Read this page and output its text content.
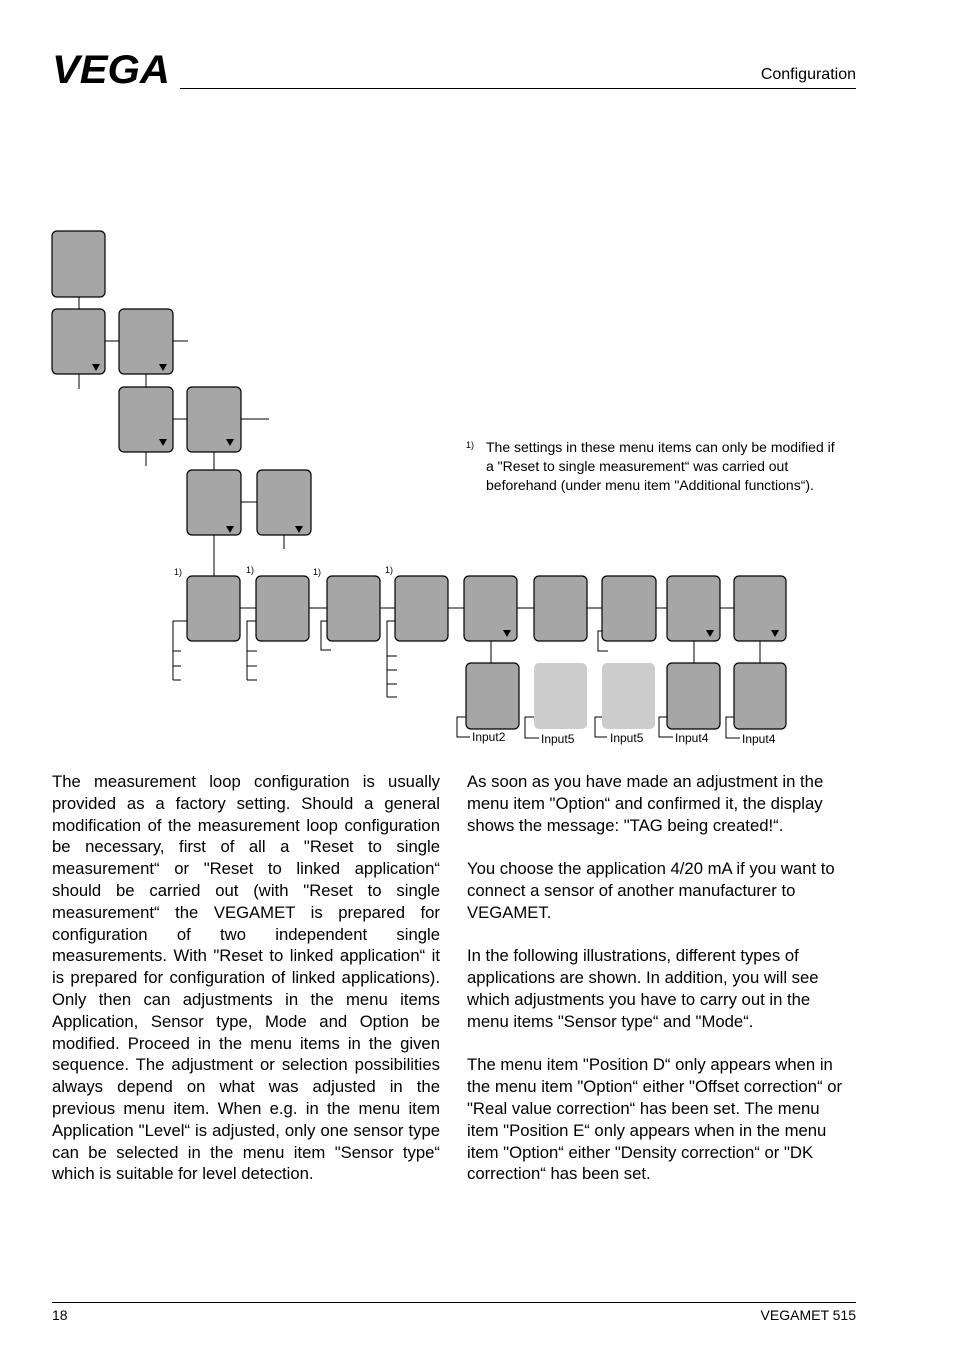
VEGA	Configuration
1)	1)	1)	1)
Input2	Input5	Input5	Input4	Input4
1) The settings in these menu items can only be modified if a "Reset to single measurement“ was carried out beforehand (under menu item "Additional functions“).

The measurement loop configuration is usually provided as a factory setting. Should a general modification of the measurement loop configuration be necessary, first of all a "Reset to single measurement“ or "Reset to linked application“ should be carried out (with "Reset to single measurement“ the VEGAMET is prepared for configuration of two independent single measurements. With "Reset to linked application“ it is prepared for configuration of linked applications). Only then can adjustments in the menu items Application, Sensor type, Mode and Option be modified. Proceed in the menu items in the given sequence. The adjustment or selection possibilities always depend on what was adjusted in the previous menu item. When e.g. in the menu item Application "Level“ is adjusted, only one sensor type can be selected in the menu item "Sensor type“ which is suitable for level detection.

As soon as you have made an adjustment in the menu item "Option“ and confirmed it, the display shows the message: "TAG being created!“.

You choose the application 4/20 mA if you want to connect a sensor of another manufacturer to VEGAMET.

In the following illustrations, different types of applications are shown. In addition, you will see which adjustments you have to carry out in the menu items "Sensor type“ and "Mode“.

The menu item "Position D“ only appears when in the menu item "Option“ either "Offset correction“ or "Real value correction“ has been set. The menu item "Position E“ only appears when in the menu item "Option“ either "Density correction“ or "DK correction“ has been set.

18	VEGAMET 515
